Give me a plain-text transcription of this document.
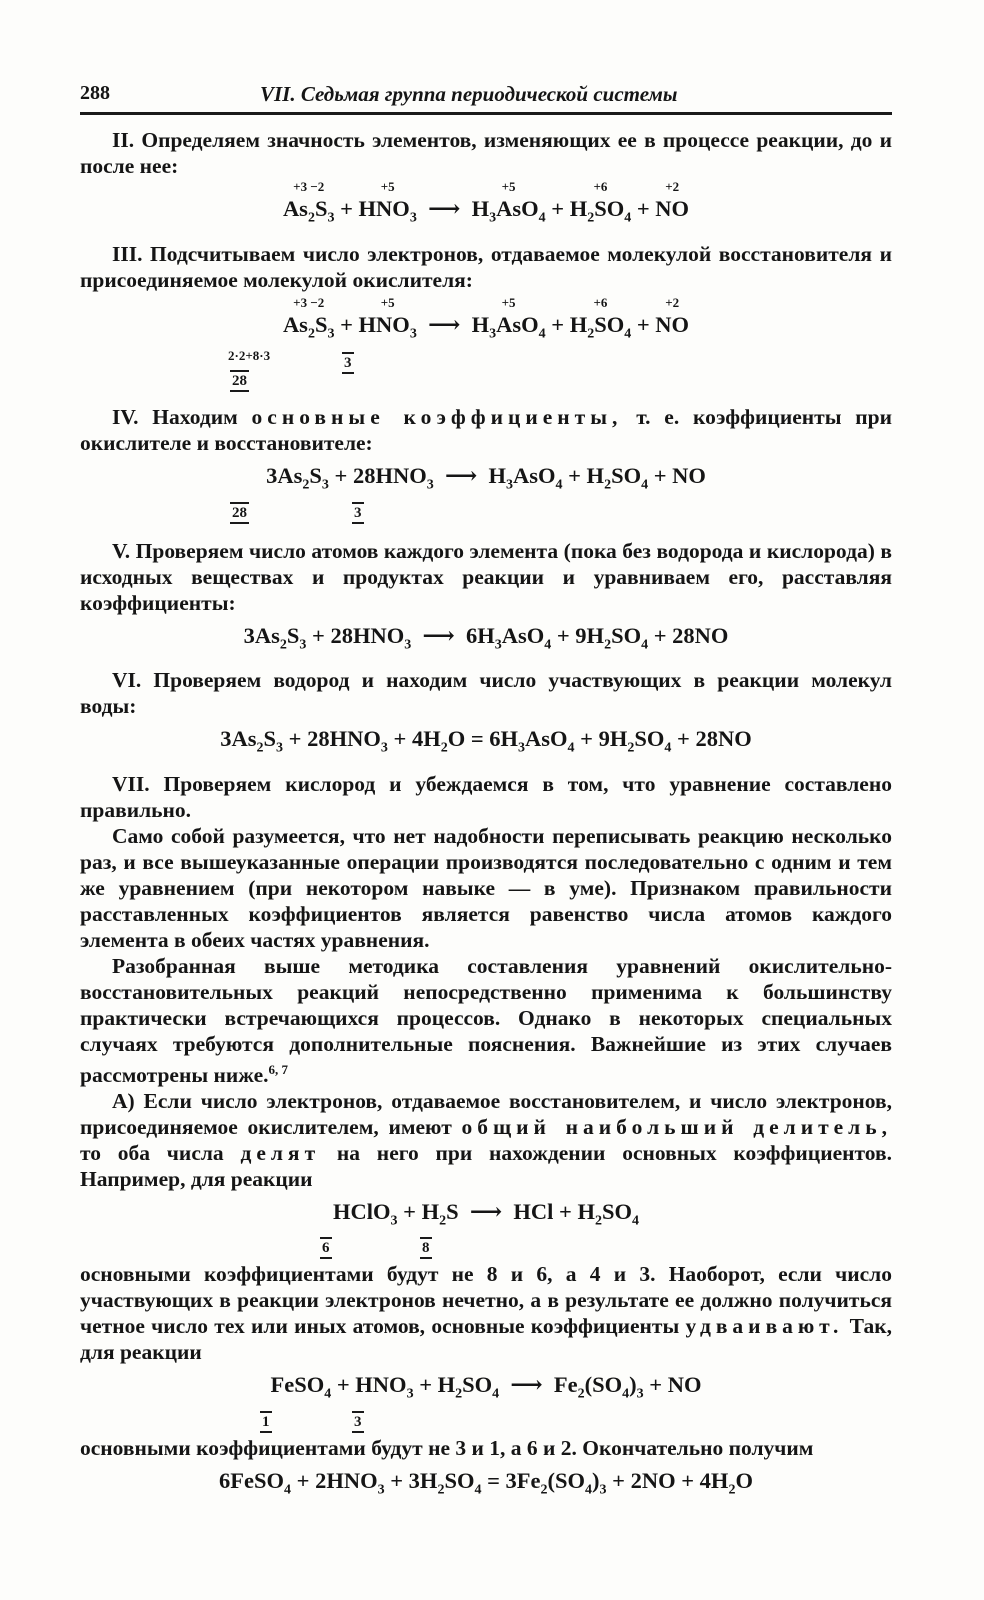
288	VII. Седьмая группа периодической системы

II. Определяем значность элементов, изменяющих ее в процессе реакции, до и после нее:

$As_2S_3$
+3 −2
+ $HNO_3$
+5
⟶  $H_3AsO_4$
+5
+ $H_2SO_4$
+6
+ NO
+2

III. Подсчитываем число электронов, отдаваемое молекулой восстановителя и присоединяемое молекулой окислителя:

$As_2S_3$
+3 −2
+ $HNO_3$
+5
⟶  $H_3AsO_4$
+5
+ $H_2SO_4$
+6
+ NO
+2
2·2+8·3	3
28

IV. Находим основные коэффициенты, т. е. коэффициенты при окислителе и восстановителе:

$3As_2S_3 + 28HNO_3$  ⟶  $H_3AsO_4 + H_2SO_4$ + NO
28	3

V. Проверяем число атомов каждого элемента (пока без водорода и кислорода) в исходных веществах и продуктах реакции и уравниваем его, расставляя коэффициенты:

$3As_2S_3 + 28HNO_3$  ⟶  $6H_3AsO_4 + 9H_2SO_4 + 28NO$

VI. Проверяем водород и находим число участвующих в реакции молекул воды:

$3As_2S_3 + 28HNO_3 + 4H_2O = 6H_3AsO_4 + 9H_2SO_4 + 28NO$

VII. Проверяем кислород и убеждаемся в том, что уравнение составлено правильно.

Само собой разумеется, что нет надобности переписывать реакцию несколько раз, и все вышеуказанные операции производятся последовательно с одним и тем же уравнением (при некотором навыке — в уме). Признаком правильности расставленных коэффициентов является равенство числа атомов каждого элемента в обеих частях уравнения.

Разобранная выше методика составления уравнений окислительно-восстановительных реакций непосредственно применима к большинству практически встречающихся процессов. Однако в некоторых специальных случаях требуются дополнительные пояснения. Важнейшие из этих случаев рассмотрены ниже.$^{6, 7}$

А) Если число электронов, отдаваемое восстановителем, и число электронов, присоединяемое окислителем, имеют общий наибольший делитель, то оба числа делят на него при нахождении основных коэффициентов. Например, для реакции

HClO$_3$ + $H_2S$  ⟶  HCl + $H_2SO_4$
6	8

основными коэффициентами будут не 8 и 6, а 4 и 3. Наоборот, если число участвующих в реакции электронов нечетно, а в результате ее должно получиться четное число тех или иных атомов, основные коэффициенты удваивают. Так, для реакции

FeSO$_4$ + $HNO_3 + H_2SO_4$  ⟶  $Fe_2(SO_4)_3$ + NO
1	3

основными коэффициентами будут не 3 и 1, а 6 и 2. Окончательно получим

6FeSO$_4$ + $2HNO_3 + 3H_2SO_4 = 3Fe_2(SO_4)_3 + 2NO + 4H_2O$
